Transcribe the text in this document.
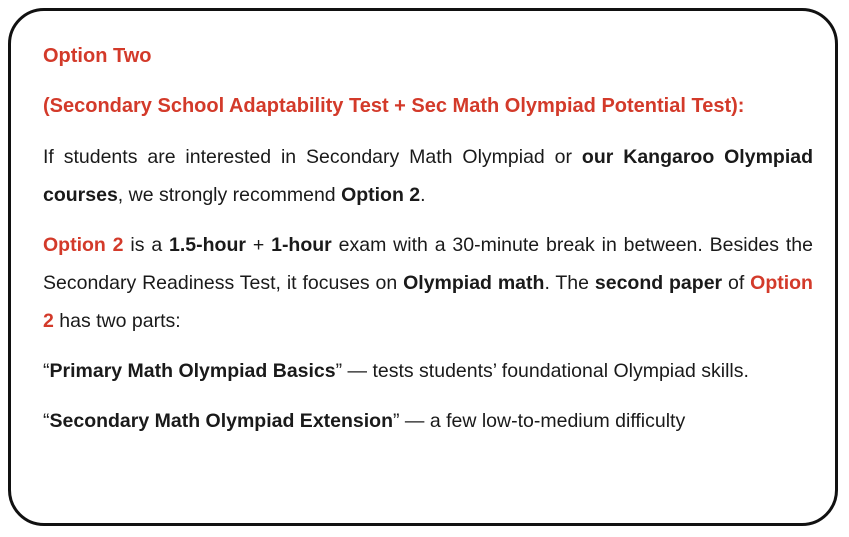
Option Two

(Secondary School Adaptability Test + Sec Math Olympiad Potential Test):

If students are interested in Secondary Math Olympiad or our Kangaroo Olympiad courses, we strongly recommend Option 2.

Option 2 is a 1.5-hour + 1-hour exam with a 30-minute break in between. Besides the Secondary Readiness Test, it focuses on Olympiad math. The second paper of Option 2 has two parts:

“Primary Math Olympiad Basics” — tests students’ foundational Olympiad skills.

“Secondary Math Olympiad Extension” — a few low-to-medium difficulty
